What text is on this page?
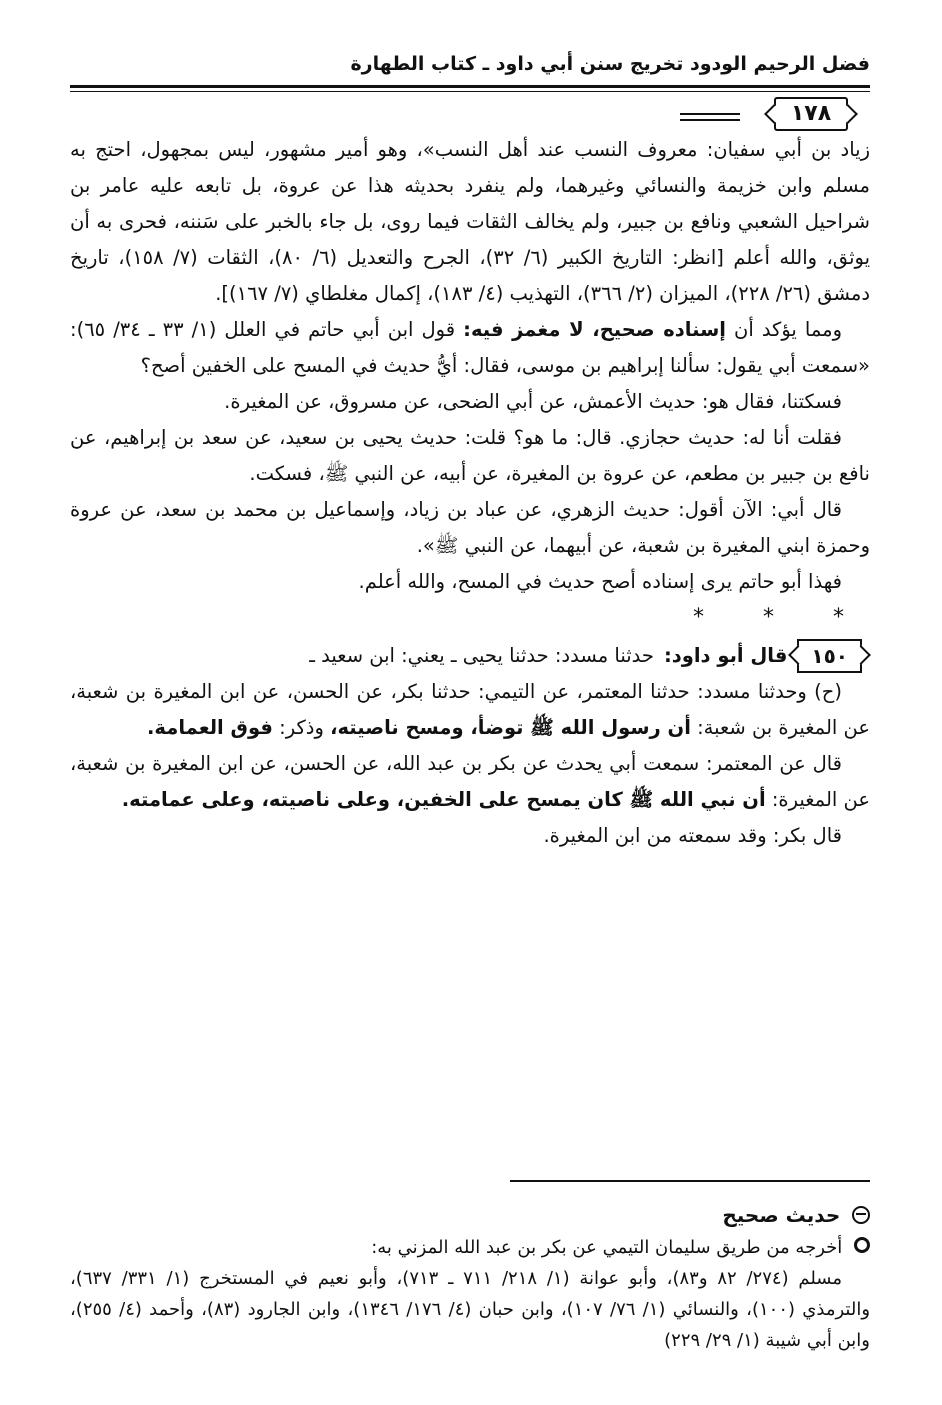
فضل الرحيم الودود تخريج سنن أبي داود ـ كتاب الطهارة
١٧٨

زياد بن أبي سفيان: معروف النسب عند أهل النسب»، وهو أمير مشهور، ليس بمجهول، احتج به مسلم وابن خزيمة والنسائي وغيرهما، ولم ينفرد بحديثه هذا عن عروة، بل تابعه عليه عامر بن شراحيل الشعبي ونافع بن جبير، ولم يخالف الثقات فيما روى، بل جاء بالخبر على سَننه، فحرى به أن يوثق، والله أعلم [انظر: التاريخ الكبير (٦/ ٣٢)، الجرح والتعديل (٦/ ٨٠)، الثقات (٧/ ١٥٨)، تاريخ دمشق (٢٦/ ٢٢٨)، الميزان (٢/ ٣٦٦)، التهذيب (٤/ ١٨٣)، إكمال مغلطاي (٧/ ١٦٧)].

ومما يؤكد أن إسناده صحيح، لا مغمز فيه: قول ابن أبي حاتم في العلل (١/ ٣٣ ـ ٣٤/ ٦٥): «سمعت أبي يقول: سألنا إبراهيم بن موسى، فقال: أيُّ حديث في المسح على الخفين أصح؟

فسكتنا، فقال هو: حديث الأعمش، عن أبي الضحى، عن مسروق، عن المغيرة.

فقلت أنا له: حديث حجازي. قال: ما هو؟ قلت: حديث يحيى بن سعيد، عن سعد بن إبراهيم، عن نافع بن جبير بن مطعم، عن عروة بن المغيرة، عن أبيه، عن النبي ﷺ، فسكت.

قال أبي: الآن أقول: حديث الزهري، عن عباد بن زياد، وإسماعيل بن محمد بن سعد، عن عروة وحمزة ابني المغيرة بن شعبة، عن أبيهما، عن النبي ﷺ».

فهذا أبو حاتم يرى إسناده أصح حديث في المسح، والله أعلم.

* * *
١٥٠
قال أبو داود:
حدثنا مسدد: حدثنا يحيى ـ يعني: ابن سعيد ـ

(ح) وحدثنا مسدد: حدثنا المعتمر، عن التيمي: حدثنا بكر، عن الحسن، عن ابن المغيرة بن شعبة، عن المغيرة بن شعبة: أن رسول الله ﷺ توضأ، ومسح ناصيته، وذكر: فوق العمامة.

قال عن المعتمر: سمعت أبي يحدث عن بكر بن عبد الله، عن الحسن، عن ابن المغيرة بن شعبة، عن المغيرة: أن نبي الله ﷺ كان يمسح على الخفين، وعلى ناصيته، وعلى عمامته.

قال بكر: وقد سمعته من ابن المغيرة.

حديث صحيح

أخرجه من طريق سليمان التيمي عن بكر بن عبد الله المزني به:

مسلم (٢٧٤/ ٨٢ و٨٣)، وأبو عوانة (١/ ٢١٨/ ٧١١ ـ ٧١٣)، وأبو نعيم في المستخرج (١/ ٣٣١/ ٦٣٧)، والترمذي (١٠٠)، والنسائي (١/ ٧٦/ ١٠٧)، وابن حبان (٤/ ١٧٦/ ١٣٤٦)، وابن الجارود (٨٣)، وأحمد (٤/ ٢٥٥)، وابن أبي شيبة (١/ ٢٩/ ٢٢٩)
